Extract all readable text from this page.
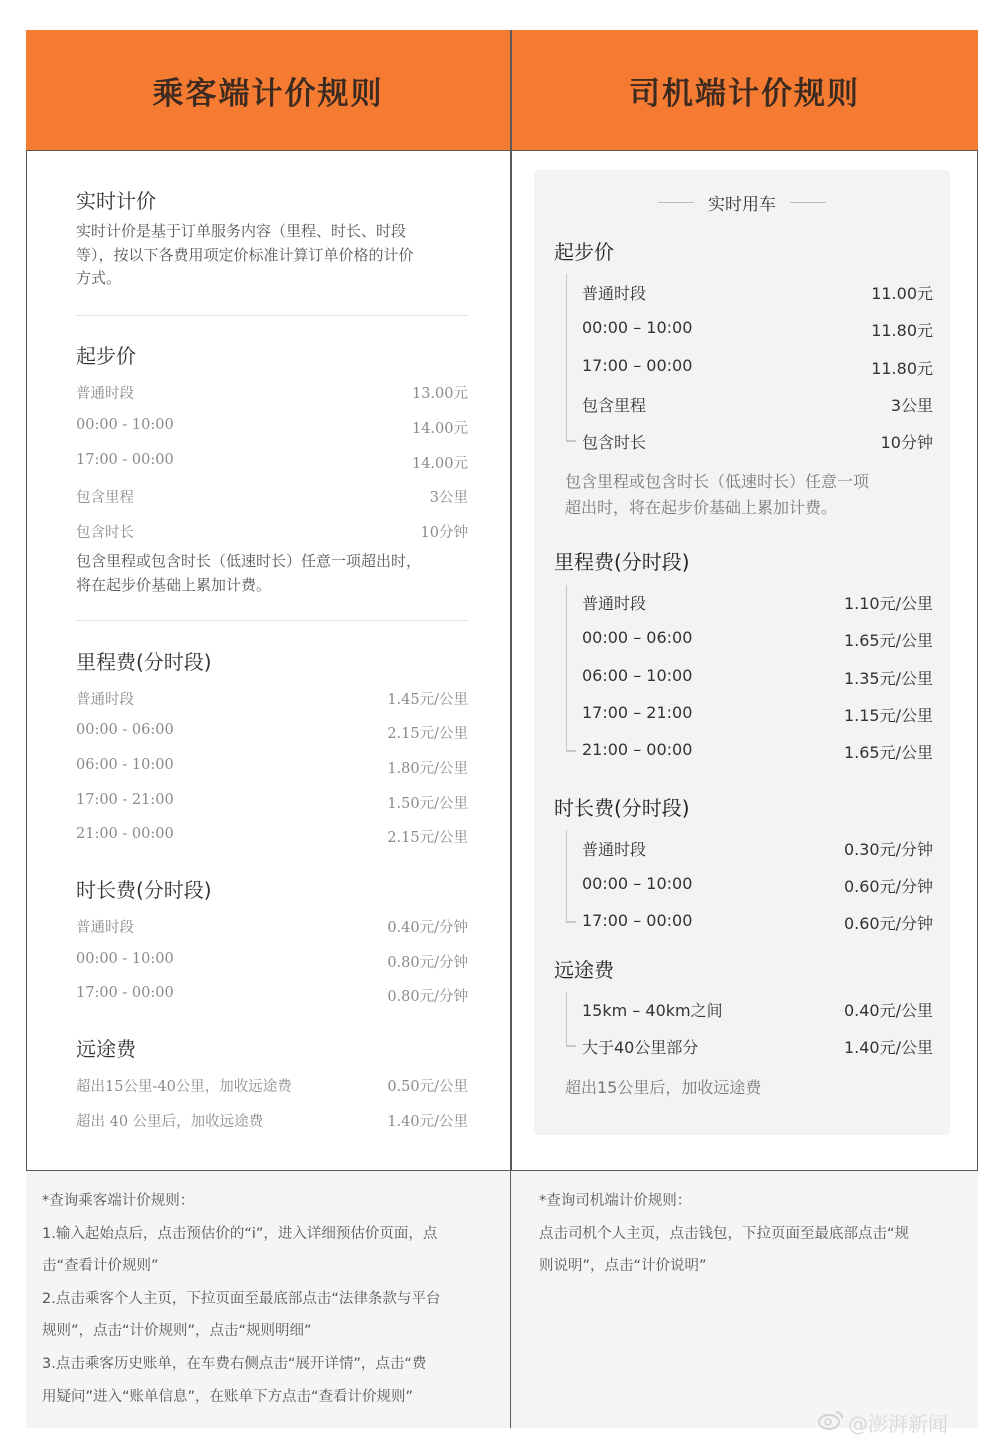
乘客端计价规则	司机端计价规则
实时计价
实时计价是基于订单服务内容（里程、时长、时段
等），按以下各费用项定价标准计算订单价格的计价
方式。
起步价
普通时段	13.00元
00:00 - 10:00	14.00元
17:00 - 00:00	14.00元
包含里程	3公里
包含时长	10分钟
包含里程或包含时长（低速时长）任意一项超出时，
将在起步价基础上累加计费。
里程费(分时段)
普通时段	1.45元/公里
00:00 - 06:00	2.15元/公里
06:00 - 10:00	1.80元/公里
17:00 - 21:00	1.50元/公里
21:00 - 00:00	2.15元/公里
时长费(分时段)
普通时段	0.40元/分钟
00:00 - 10:00	0.80元/分钟
17:00 - 00:00	0.80元/分钟
远途费
超出15公里-40公里，加收远途费	0.50元/公里
超出 40 公里后，加收远途费	1.40元/公里
实时用车
起步价
普通时段	11.00元
00:00 – 10:00	11.80元
17:00 – 00:00	11.80元
包含里程	3公里
包含时长	10分钟
包含里程或包含时长（低速时长）任意一项
超出时，将在起步价基础上累加计费。
里程费(分时段)
普通时段	1.10元/公里
00:00 – 06:00	1.65元/公里
06:00 – 10:00	1.35元/公里
17:00 – 21:00	1.15元/公里
21:00 – 00:00	1.65元/公里
时长费(分时段)
普通时段	0.30元/分钟
00:00 – 10:00	0.60元/分钟
17:00 – 00:00	0.60元/分钟
远途费
15km – 40km之间	0.40元/公里
大于40公里部分	1.40元/公里
超出15公里后，加收远途费
*查询乘客端计价规则：
1.输入起始点后，点击预估价的“i”，进入详细预估价页面，点
击“查看计价规则”
2.点击乘客个人主页，下拉页面至最底部点击“法律条款与平台
规则”，点击“计价规则”，点击“规则明细”
3.点击乘客历史账单，在车费右侧点击“展开详情”，点击“费
用疑问”进入“账单信息”，在账单下方点击“查看计价规则”
*查询司机端计价规则：
点击司机个人主页，点击钱包，下拉页面至最底部点击“规
则说明”，点击“计价说明”
@澎湃新闻
